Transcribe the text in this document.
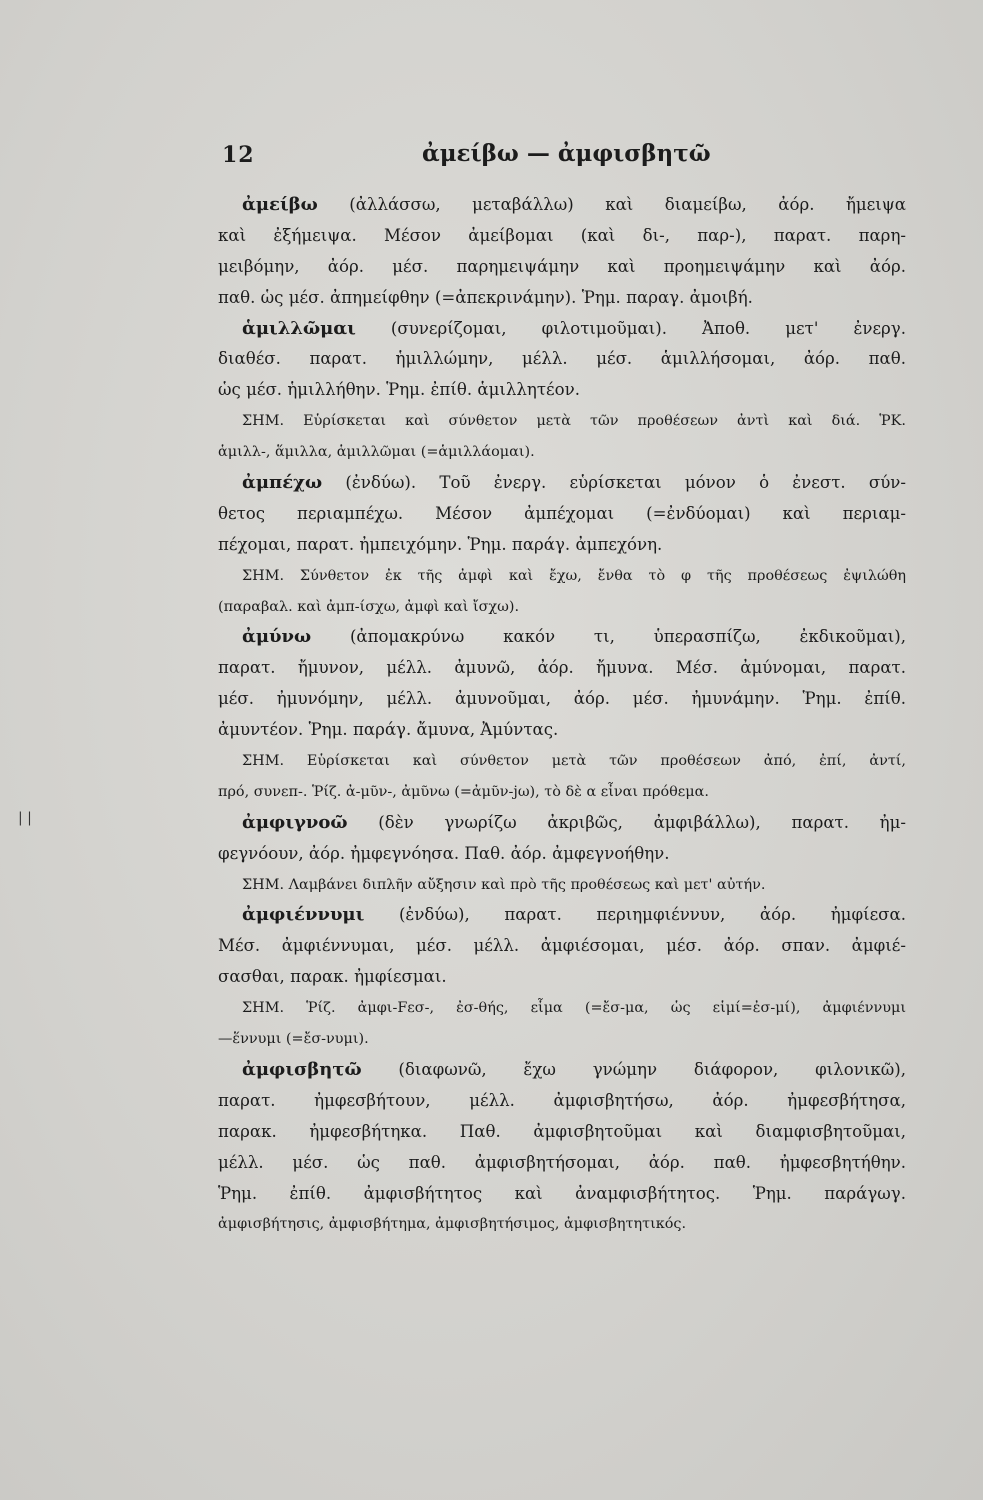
12	ἀμείβω — ἀμφισβητῶ
| |
ἀμείβω (ἀλλάσσω, μεταβάλλω) καὶ διαμείβω, ἀόρ. ἤμειψα
καὶ ἐξήμειψα. Μέσον ἀμείβομαι (καὶ δι-, παρ-), παρατ. παρη-
μειβόμην, ἀόρ. μέσ. παρημειψάμην καὶ προημειψάμην καὶ ἀόρ.
παθ. ὡς μέσ. ἀπημείφθην (=ἀπεκρινάμην). Ῥημ. παραγ. ἀμοιβή.
ἁμιλλῶμαι (συνερίζομαι, φιλοτιμοῦμαι). Ἀποθ. μετ' ἐνεργ.
διαθέσ. παρατ. ἡμιλλώμην, μέλλ. μέσ. ἁμιλλήσομαι, ἀόρ. παθ.
ὡς μέσ. ἡμιλλήθην. Ῥημ. ἐπίθ. ἁμιλλητέον.
ΣΗΜ. Εὑρίσκεται καὶ σύνθετον μετὰ τῶν προθέσεων ἀντὶ καὶ διά. ῬΚ.
ἁμιλλ-, ἅμιλλα, ἁμιλλῶμαι (=ἁμιλλάομαι).
ἀμπέχω (ἐνδύω). Τοῦ ἐνεργ. εὑρίσκεται μόνον ὁ ἐνεστ. σύν-
θετος περιαμπέχω. Μέσον ἀμπέχομαι (=ἐνδύομαι) καὶ περιαμ-
πέχομαι, παρατ. ἠμπειχόμην. Ῥημ. παράγ. ἀμπεχόνη.
ΣΗΜ. Σύνθετον ἐκ τῆς ἀμφὶ καὶ ἔχω, ἔνθα τὸ φ τῆς προθέσεως ἐψιλώθη
(παραβαλ. καὶ ἀμπ-ίσχω, ἀμφὶ καὶ ἴσχω).
ἀμύνω (ἀπομακρύνω κακόν τι, ὑπερασπίζω, ἐκδικοῦμαι),
παρατ. ἤμυνον, μέλλ. ἀμυνῶ, ἀόρ. ἤμυνα. Μέσ. ἀμύνομαι, παρατ.
μέσ. ἠμυνόμην, μέλλ. ἀμυνοῦμαι, ἀόρ. μέσ. ἠμυνάμην. Ῥημ. ἐπίθ.
ἀμυντέον. Ῥημ. παράγ. ἄμυνα, Ἀμύντας.
ΣΗΜ. Εὑρίσκεται καὶ σύνθετον μετὰ τῶν προθέσεων ἀπό, ἐπί, ἀντί,
πρό, συνεπ-. Ῥίζ. ἀ-μῦν-, ἀμῦνω (=ἀμῦν-jω), τὸ δὲ α εἶναι πρόθεμα.
ἀμφιγνοῶ (δὲν γνωρίζω ἀκριβῶς, ἀμφιβάλλω), παρατ. ἠμ-
φεγνόουν, ἀόρ. ἠμφεγνόησα. Παθ. ἀόρ. ἀμφεγνοήθην.
ΣΗΜ. Λαμβάνει διπλῆν αὔξησιν καὶ πρὸ τῆς προθέσεως καὶ μετ' αὐτήν.
ἀμφιέννυμι (ἐνδύω), παρατ. περιημφιέννυν, ἀόρ. ἠμφίεσα.
Μέσ. ἀμφιέννυμαι, μέσ. μέλλ. ἀμφιέσομαι, μέσ. ἀόρ. σπαν. ἀμφιέ-
σασθαι, παρακ. ἠμφίεσμαι.
ΣΗΜ. Ῥίζ. ἀμφι-Fεσ-, ἐσ-θής, εἷμα (=ἔσ-μα, ὡς εἱμί=ἐσ-μί), ἀμφιέννυμι
—ἕννυμι (=ἔσ-νυμι).
ἀμφισβητῶ (διαφωνῶ, ἔχω γνώμην διάφορον, φιλονικῶ),
παρατ. ἠμφεσβήτουν, μέλλ. ἀμφισβητήσω, ἀόρ. ἠμφεσβήτησα,
παρακ. ἠμφεσβήτηκα. Παθ. ἀμφισβητοῦμαι καὶ διαμφισβητοῦμαι,
μέλλ. μέσ. ὡς παθ. ἀμφισβητήσομαι, ἀόρ. παθ. ἠμφεσβητήθην.
Ῥημ. ἐπίθ. ἀμφισβήτητος καὶ ἀναμφισβήτητος. Ῥημ. παράγωγ.
ἀμφισβήτησις, ἀμφισβήτημα, ἀμφισβητήσιμος, ἀμφισβητητικός.
